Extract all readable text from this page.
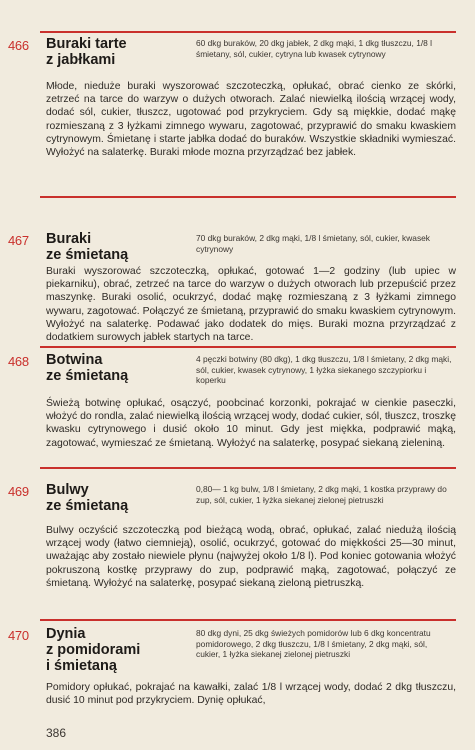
466 Buraki tarte
z jabłkami
60 dkg buraków, 20 dkg jabłek, 2 dkg mąki, 1 dkg tłuszczu, 1/8 l śmietany, sól, cukier, cytryna lub kwasek cytrynowy
Młode, nieduże buraki wyszorować szczoteczką, opłukać, obrać cienko ze skórki, zetrzeć na tarce do warzyw o dużych otworach. Zalać niewielką ilością wrzącej wody, dodać sól, cukier, tłuszcz, ugotować pod przykryciem. Gdy są miękkie, dodać mąkę rozmieszaną z 3 łyżkami zimnego wywaru, zagotować, przyprawić do smaku kwaskiem cytrynowym. Śmietanę i starte jabłka dodać do buraków. Wszystkie składniki wymieszać. Wyłożyć na salaterkę. Buraki młode mozna przyrządzać bez jabłek.
467 Buraki
ze śmietaną
70 dkg buraków, 2 dkg mąki, 1/8 l śmietany, sól, cukier, kwasek cytrynowy
Buraki wyszorować szczoteczką, opłukać, gotować 1—2 godziny (lub upiec w piekarniku), obrać, zetrzeć na tarce do warzyw o dużych otworach lub przepuścić przez maszynkę. Buraki osolić, ocukrzyć, dodać mąkę rozmieszaną z 3 łyżkami zimnego wywaru, zagotować. Połączyć ze śmietaną, przyprawić do smaku kwaskiem cytrynowym. Wyłożyć na salaterkę. Podawać jako dodatek do mięs. Buraki mozna przyrządzać z dodatkiem surowych jabłek startych na tarce.
468 Botwina
ze śmietaną
4 pęczki botwiny (80 dkg), 1 dkg tłuszczu, 1/8 l śmietany, 2 dkg mąki, sól, cukier, kwasek cytrynowy, 1 łyżka siekanego szczypiorku i koperku
Świeżą botwinę opłukać, osączyć, poobcinać korzonki, pokrajać w cienkie paseczki, włożyć do rondla, zalać niewielką ilością wrzącej wody, dodać cukier, sól, tłuszcz, troszkę kwasku cytrynowego i dusić około 10 minut. Gdy jest miękka, podprawić mąką, zagotować, wymieszać ze śmietaną. Wyłożyć na salaterkę, posypać siekaną zieleniną.
469 Bulwy
ze śmietaną
0,80— 1 kg bulw, 1/8 l śmietany, 2 dkg mąki, 1 kostka przyprawy do zup, sól, cukier, 1 łyżka siekanej zielonej pietruszki
Bulwy oczyścić szczoteczką pod bieżącą wodą, obrać, opłukać, zalać niedużą ilością wrzącej wody (łatwo ciemnieją), osolić, ocukrzyć, gotować do miękkości 25—30 minut, uważając aby zostało niewiele płynu (najwyżej około 1/8 l). Pod koniec gotowania włożyć pokruszoną kostkę przyprawy do zup, podprawić mąką, zagotować, połączyć ze śmietaną. Wyłożyć na salaterkę, posypać siekaną zieloną pietruszką.
470 Dynia
z pomidorami
i śmietaną
80 dkg dyni, 25 dkg świeżych pomidorów lub 6 dkg koncentratu pomidorowego, 2 dkg tłuszczu, 1/8 l śmietany, 2 dkg mąki, sól, cukier, 1 łyżka siekanej zielonej pietruszki
Pomidory opłukać, pokrajać na kawałki, zalać 1/8 l wrzącej wody, dodać 2 dkg tłuszczu, dusić 10 minut pod przykryciem. Dynię opłukać,
386
